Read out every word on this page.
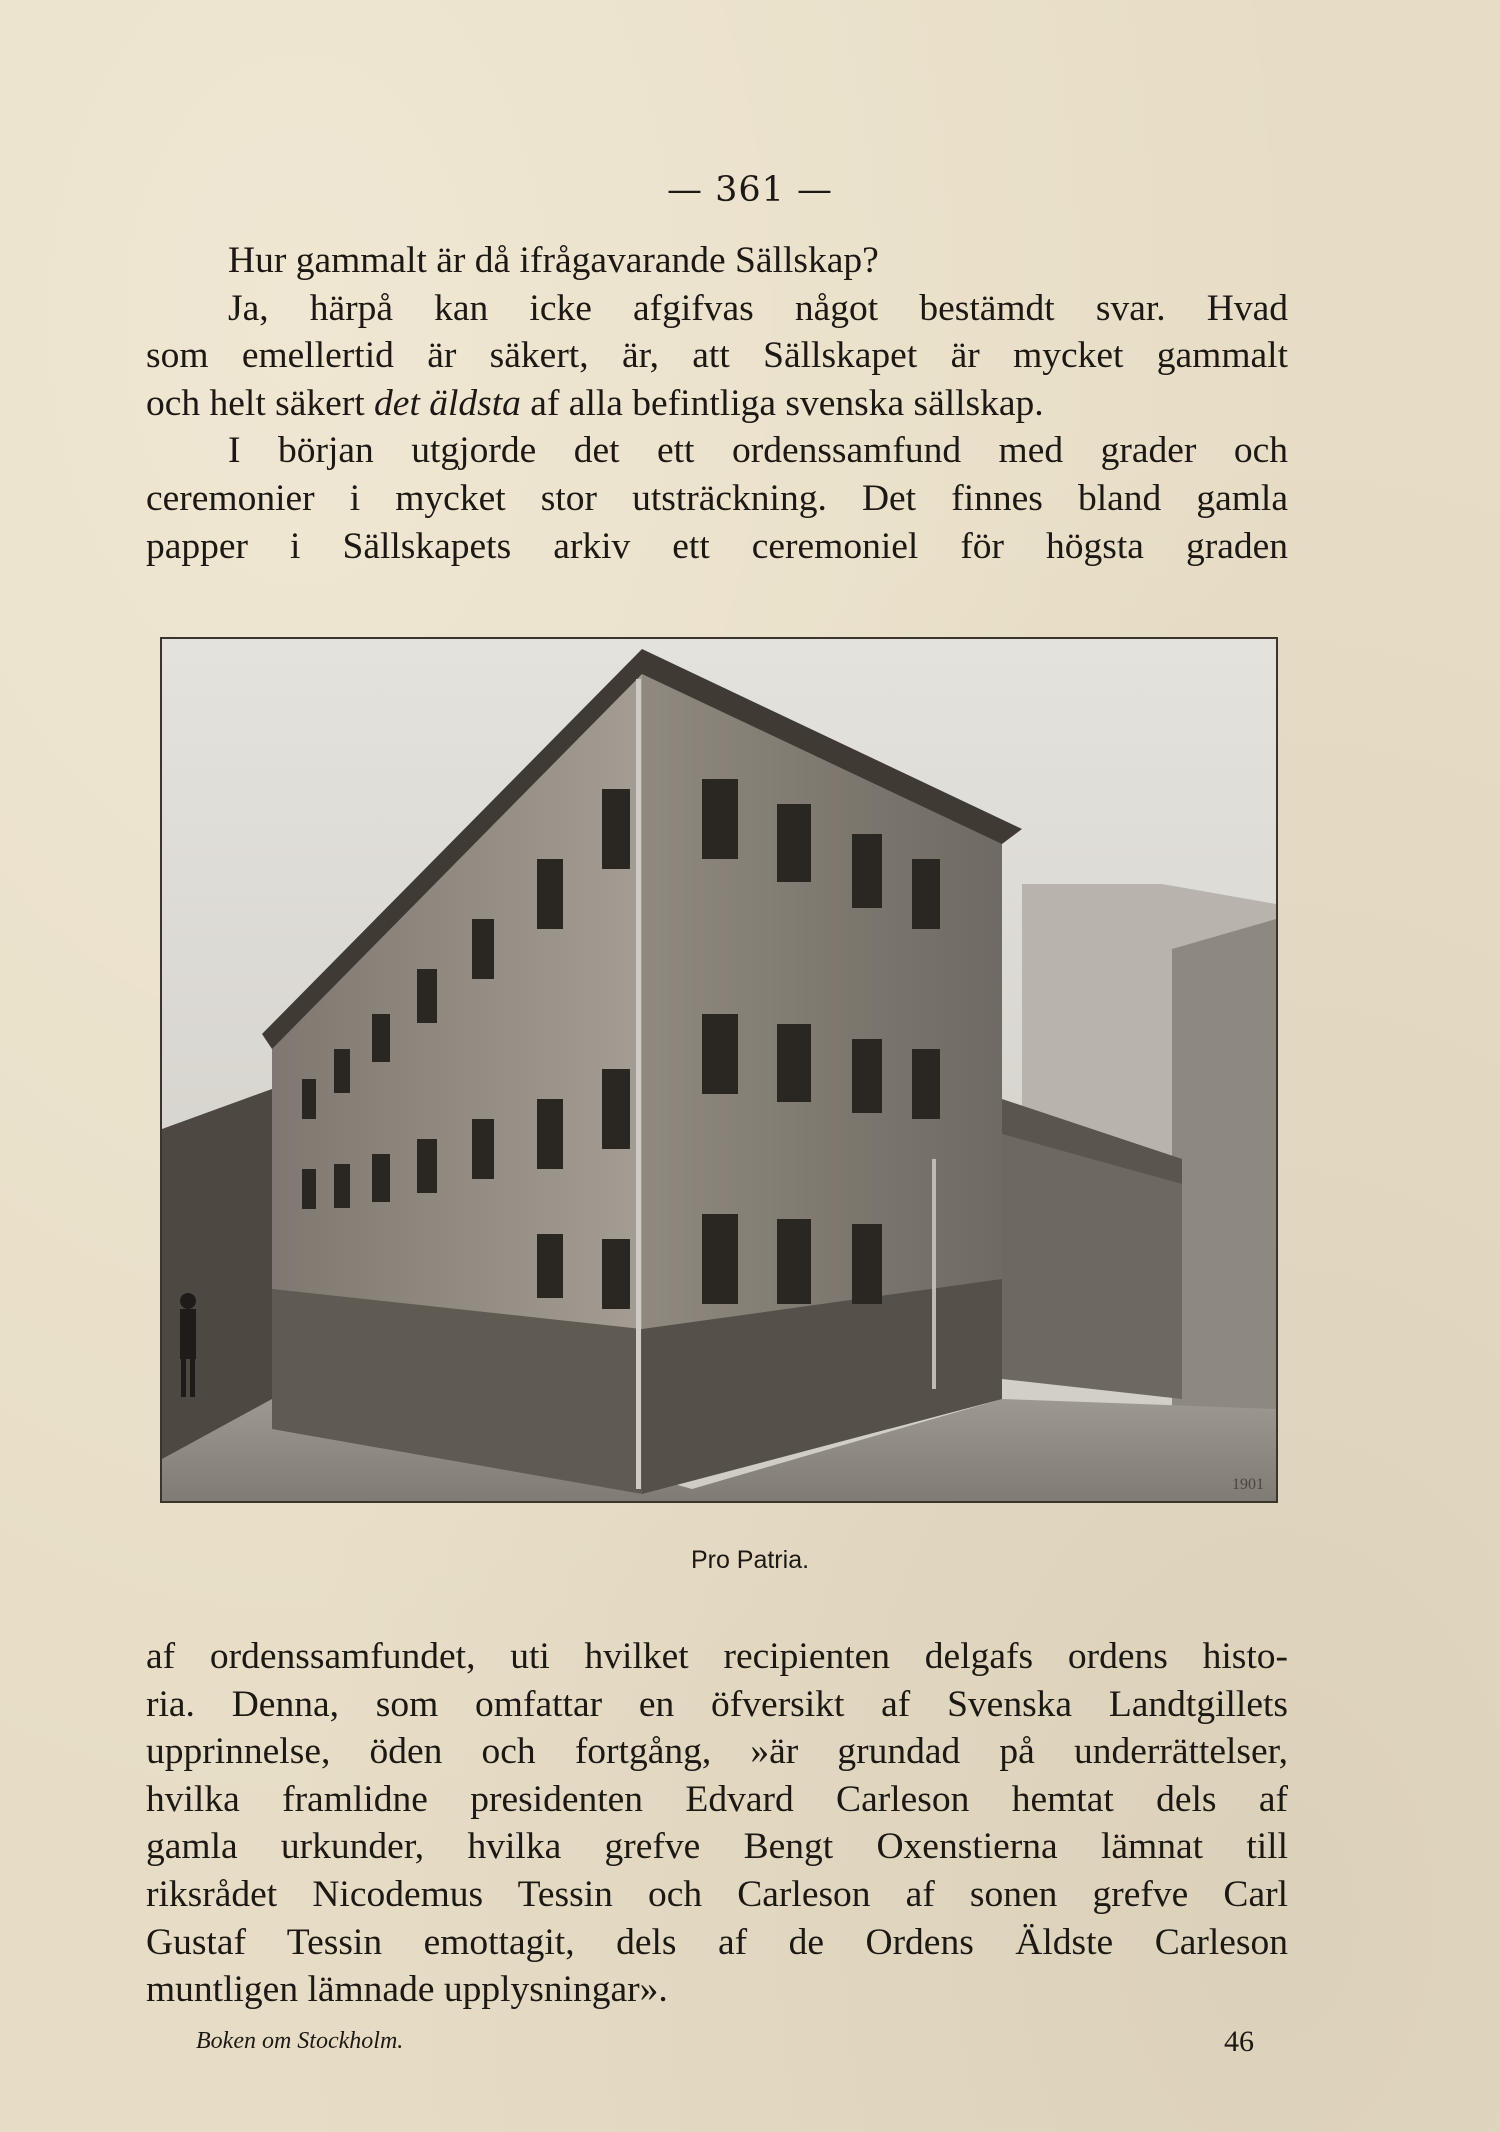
— 361 —
Hur gammalt är då ifrågavarande Sällskap?
Ja, härpå kan icke afgifvas något bestämdt svar. Hvad
som emellertid är säkert, är, att Sällskapet är mycket gammalt
och helt säkert det äldsta af alla befintliga svenska sällskap.
I början utgjorde det ett ordenssamfund med grader och
ceremonier i mycket stor utsträckning. Det finnes bland gamla
papper i Sällskapets arkiv ett ceremoniel för högsta graden
1901
Pro Patria.
af ordenssamfundet, uti hvilket recipienten delgafs ordens histo-
ria. Denna, som omfattar en öfversikt af Svenska Landtgillets
upprinnelse, öden och fortgång, »är grundad på underrättelser,
hvilka framlidne presidenten Edvard Carleson hemtat dels af
gamla urkunder, hvilka grefve Bengt Oxenstierna lämnat till
riksrådet Nicodemus Tessin och Carleson af sonen grefve Carl
Gustaf Tessin emottagit, dels af de Ordens Äldste Carleson
muntligen lämnade upplysningar».
Boken om Stockholm.	46
